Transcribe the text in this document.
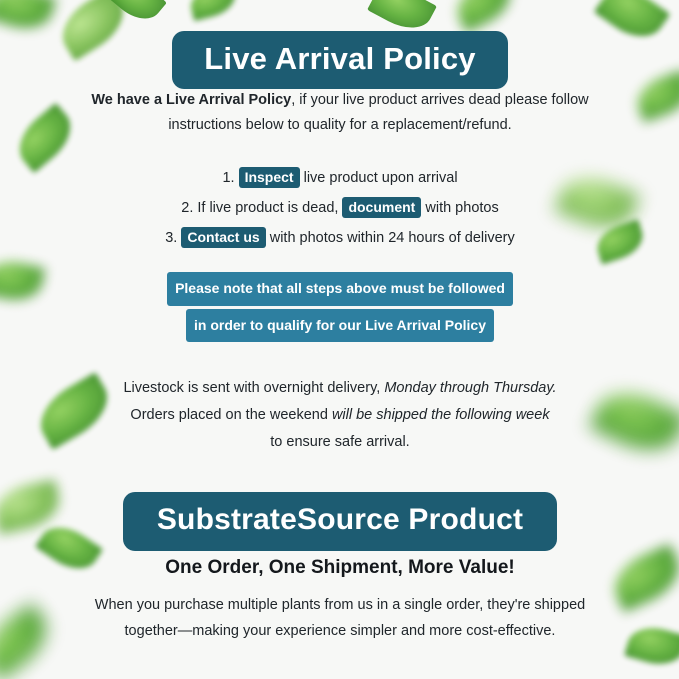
Live Arrival Policy
We have a Live Arrival Policy, if your live product arrives dead please follow instructions below to quality for a replacement/refund.
1. Inspect live product upon arrival
2. If live product is dead, document with photos
3. Contact us with photos within 24 hours of delivery
Please note that all steps above must be followed
in order to qualify for our Live Arrival Policy
Livestock is sent with overnight delivery, Monday through Thursday.
Orders placed on the weekend will be shipped the following week
to ensure safe arrival.
SubstrateSource Product
One Order, One Shipment, More Value!
When you purchase multiple plants from us in a single order, they're shipped together—making your experience simpler and more cost-effective.
